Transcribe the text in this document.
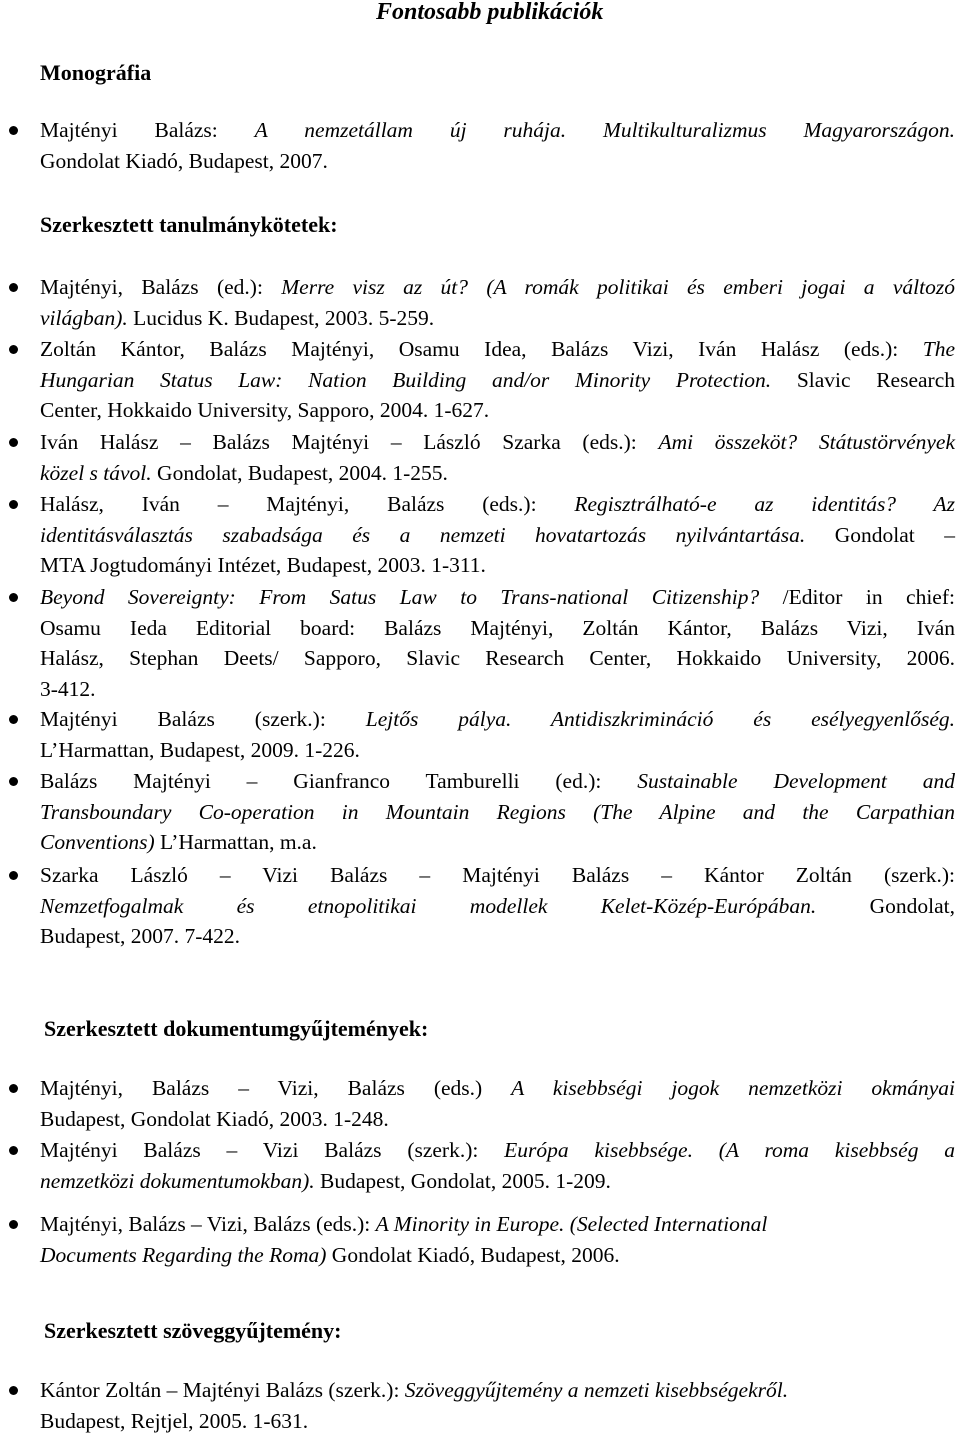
Fontosabb publikációk
Monográfia
Majtényi Balázs: A nemzetállam új ruhája. Multikulturalizmus Magyarországon.
Gondolat Kiadó, Budapest, 2007.
Szerkesztett tanulmánykötetek:
Majtényi, Balázs (ed.): Merre visz az út? (A romák politikai és emberi jogai a változó
világban). Lucidus K. Budapest, 2003. 5-259.
Zoltán Kántor, Balázs Majtényi, Osamu Idea, Balázs Vizi, Iván Halász (eds.): The
Hungarian Status Law: Nation Building and/or Minority Protection. Slavic Research
Center, Hokkaido University, Sapporo, 2004. 1-627.
Iván Halász – Balázs Majtényi – László Szarka (eds.): Ami összeköt? Státustörvények
közel s távol. Gondolat, Budapest, 2004. 1-255.
Halász, Iván – Majtényi, Balázs (eds.): Regisztrálható-e az identitás? Az
identitásválasztás szabadsága és a nemzeti hovatartozás nyilvántartása. Gondolat –
MTA Jogtudományi Intézet, Budapest, 2003. 1-311.
Beyond Sovereignty: From Satus Law to Trans-national Citizenship? /Editor in chief:
Osamu Ieda Editorial board: Balázs Majtényi, Zoltán Kántor, Balázs Vizi, Iván
Halász, Stephan Deets/ Sapporo, Slavic Research Center, Hokkaido University, 2006.
3-412.
Majtényi Balázs (szerk.): Lejtős pálya. Antidiszkrimináció és esélyegyenlőség.
L’Harmattan, Budapest, 2009. 1-226.
Balázs Majtényi – Gianfranco Tamburelli (ed.): Sustainable Development and
Transboundary Co-operation in Mountain Regions (The Alpine and the Carpathian
Conventions) L’Harmattan, m.a.
Szarka László – Vizi Balázs – Majtényi Balázs – Kántor Zoltán (szerk.):
Nemzetfogalmak és etnopolitikai modellek Kelet-Közép-Európában. Gondolat,
Budapest, 2007. 7-422.
Szerkesztett dokumentumgyűjtemények:
Majtényi, Balázs – Vizi, Balázs (eds.) A kisebbségi jogok nemzetközi okmányai
Budapest, Gondolat Kiadó, 2003. 1-248.
Majtényi Balázs – Vizi Balázs (szerk.): Európa kisebbsége. (A roma kisebbség a
nemzetközi dokumentumokban). Budapest, Gondolat, 2005. 1-209.
Majtényi, Balázs – Vizi, Balázs (eds.): A Minority in Europe. (Selected International
Documents Regarding the Roma) Gondolat Kiadó, Budapest, 2006.
Szerkesztett szöveggyűjtemény:
Kántor Zoltán – Majtényi Balázs (szerk.): Szöveggyűjtemény a nemzeti kisebbségekről.
Budapest, Rejtjel, 2005. 1-631.
